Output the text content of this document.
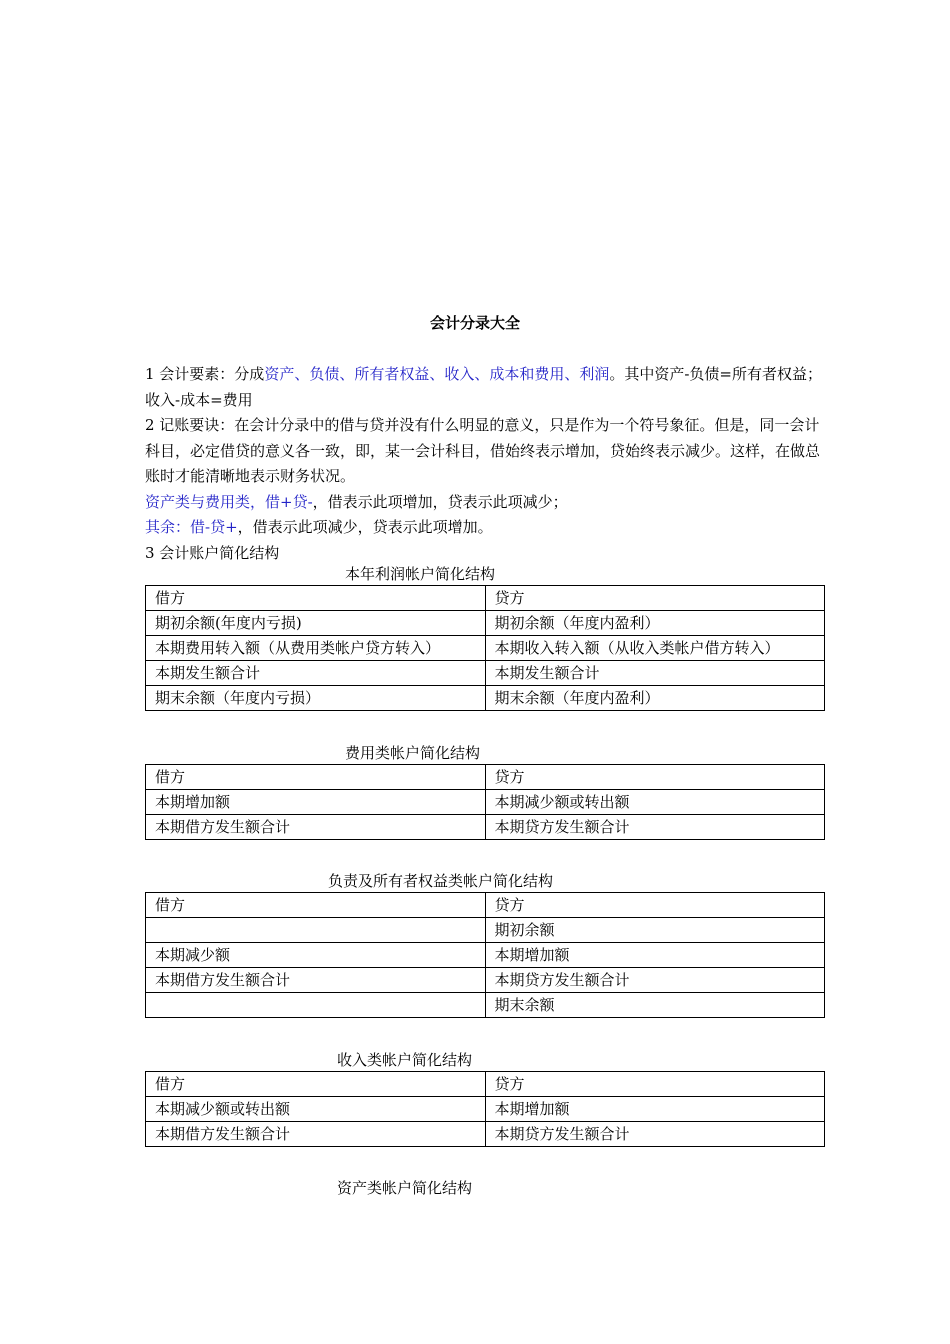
会计分录大全

1 会计要素：分成资产、负债、所有者权益、收入、成本和费用、利润。其中资产-负债=所有者权益；收入-成本=费用

2 记账要诀：在会计分录中的借与贷并没有什么明显的意义，只是作为一个符号象征。但是，同一会计科目，必定借贷的意义各一致，即，某一会计科目，借始终表示增加，贷始终表示减少。这样，在做总账时才能清晰地表示财务状况。

资产类与费用类，借+贷-，借表示此项增加，贷表示此项减少；

其余：借-贷+，借表示此项减少，贷表示此项增加。

3 会计账户简化结构

本年利润帐户简化结构
借方	贷方
期初余额(年度内亏损)	期初余额（年度内盈利）
本期费用转入额（从费用类帐户贷方转入）	本期收入转入额（从收入类帐户借方转入）
本期发生额合计	本期发生额合计
期末余额（年度内亏损）	期末余额（年度内盈利）
费用类帐户简化结构
借方	贷方
本期增加额	本期减少额或转出额
本期借方发生额合计	本期贷方发生额合计
负责及所有者权益类帐户简化结构
借方	贷方
	期初余额
本期减少额	本期增加额
本期借方发生额合计	本期贷方发生额合计
	期末余额
收入类帐户简化结构
借方	贷方
本期减少额或转出额	本期增加额
本期借方发生额合计	本期贷方发生额合计
资产类帐户简化结构
